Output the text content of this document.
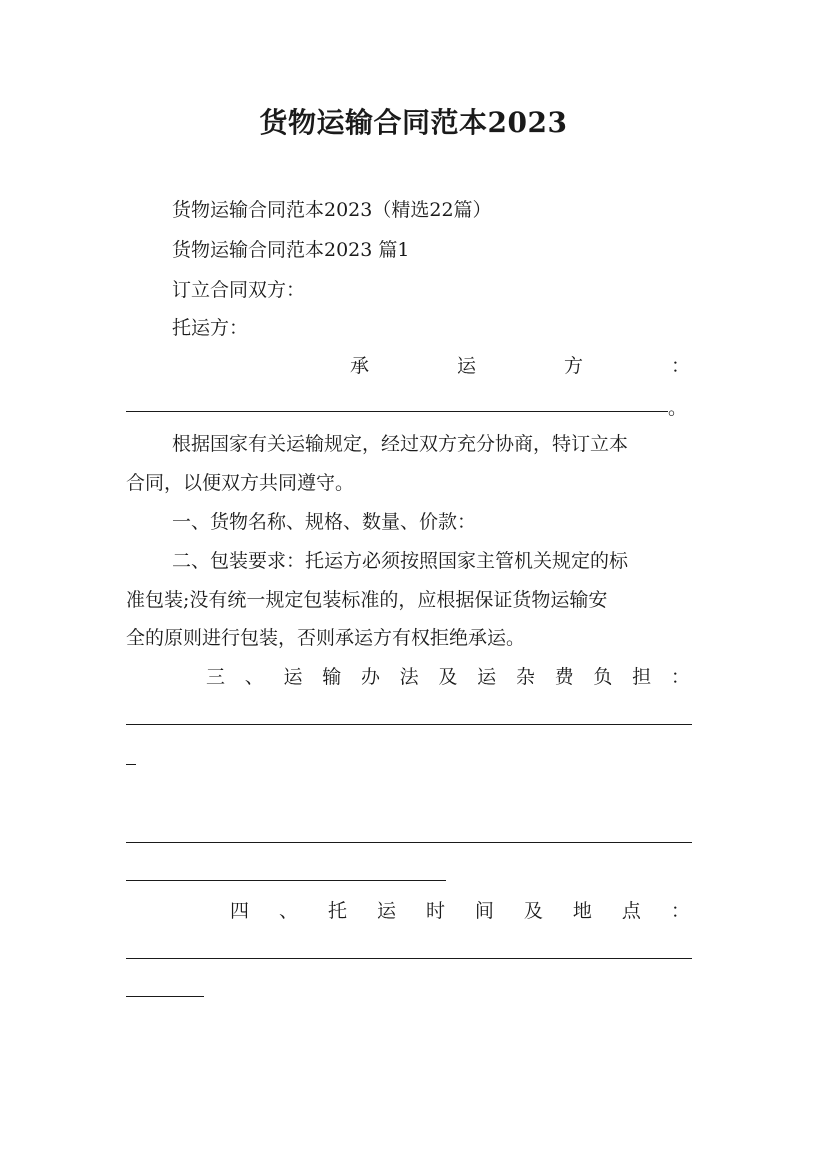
货物运输合同范本2023
货物运输合同范本2023（精选22篇）
货物运输合同范本2023 篇1
订立合同双方：
托运方：
承	运	方	：
。
根据国家有关运输规定，经过双方充分协商，特订立本
合同，以便双方共同遵守。
一、货物名称、规格、数量、价款：
二、包装要求：托运方必须按照国家主管机关规定的标
准包装;没有统一规定包装标准的，应根据保证货物运输安
全的原则进行包装，否则承运方有权拒绝承运。
三 、 运 输 办 法 及 运 杂 费 负 担 ：
四 、 托 运 时 间 及 地 点 ：
